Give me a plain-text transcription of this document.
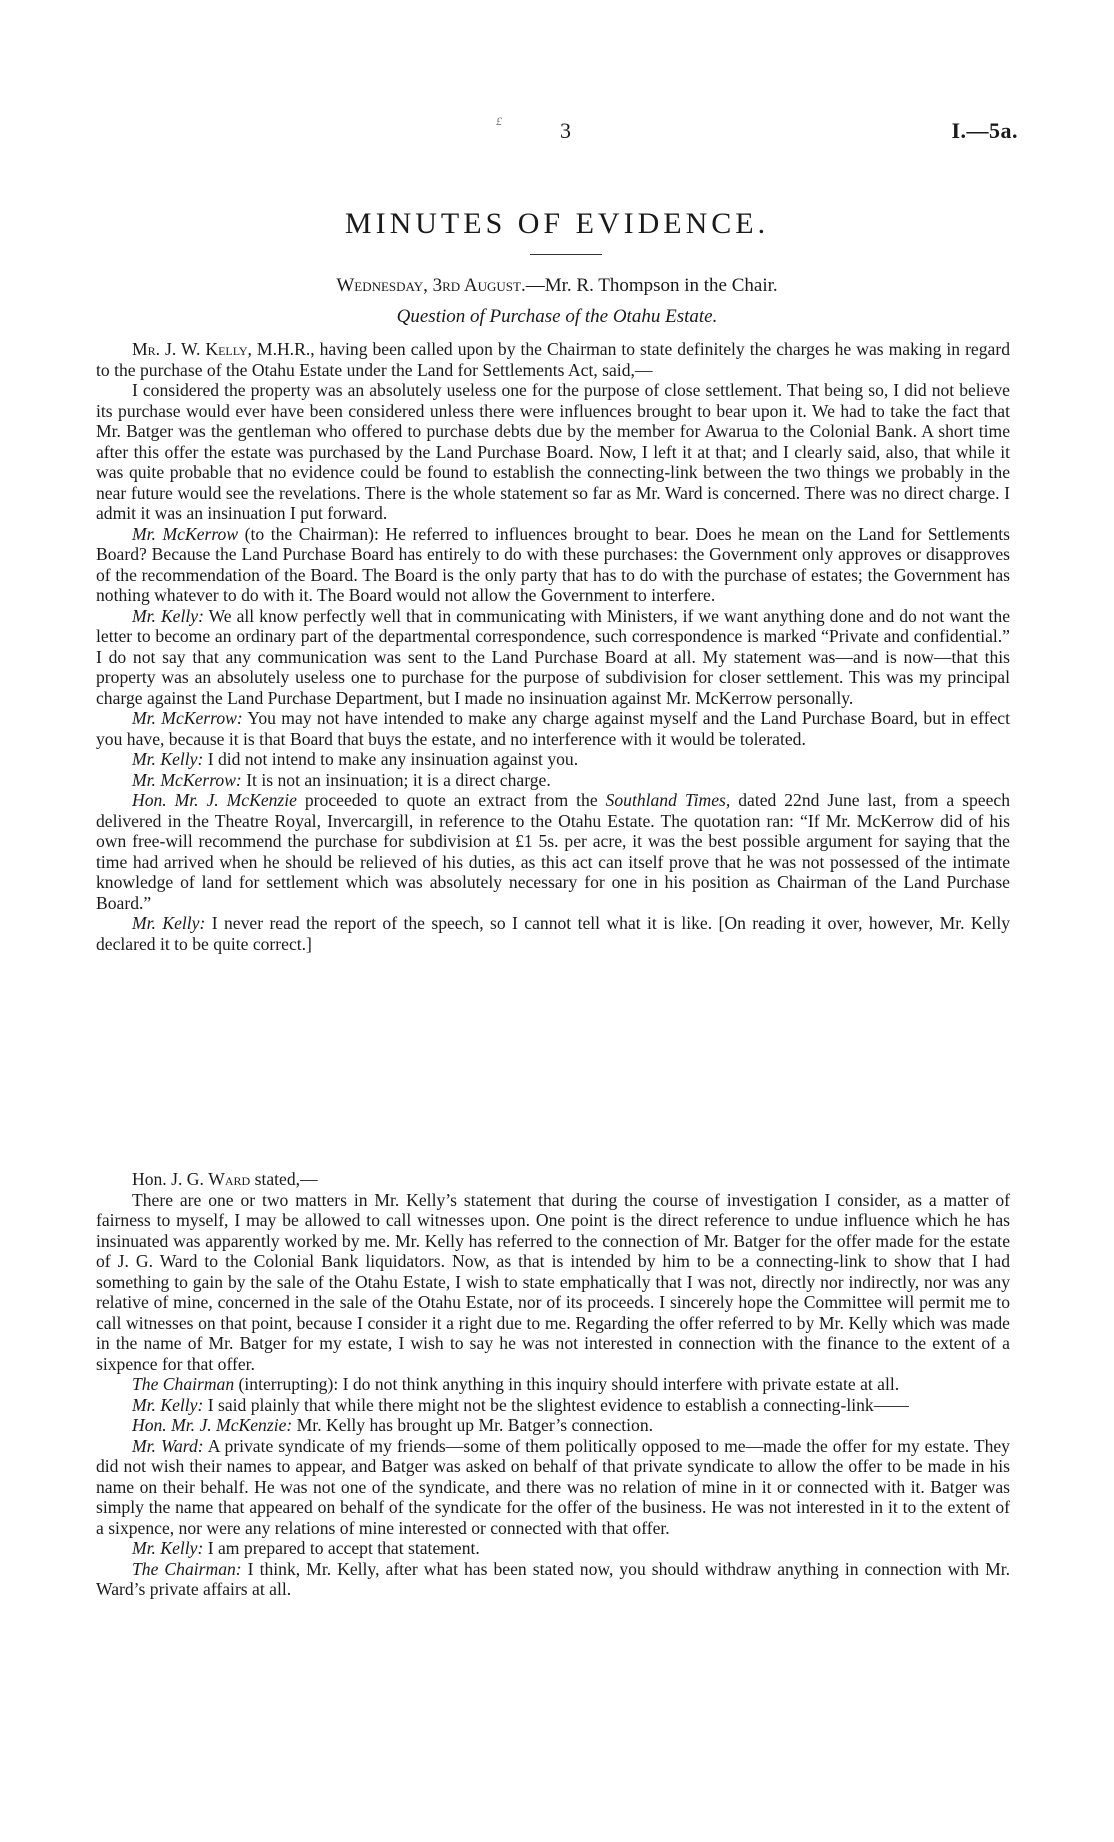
£	3	I.—5a.
MINUTES OF EVIDENCE.
Wednesday, 3rd August.—Mr. R. Thompson in the Chair.
Question of Purchase of the Otahu Estate.

Mr. J. W. Kelly, M.H.R., having been called upon by the Chairman to state definitely the charges he was making in regard to the purchase of the Otahu Estate under the Land for Settlements Act, said,—

I considered the property was an absolutely useless one for the purpose of close settlement. That being so, I did not believe its purchase would ever have been considered unless there were influences brought to bear upon it. We had to take the fact that Mr. Batger was the gentleman who offered to purchase debts due by the member for Awarua to the Colonial Bank. A short time after this offer the estate was purchased by the Land Purchase Board. Now, I left it at that; and I clearly said, also, that while it was quite probable that no evidence could be found to establish the connecting-link between the two things we probably in the near future would see the revelations. There is the whole statement so far as Mr. Ward is concerned. There was no direct charge. I admit it was an insinuation I put forward.

Mr. McKerrow (to the Chairman): He referred to influences brought to bear. Does he mean on the Land for Settlements Board? Because the Land Purchase Board has entirely to do with these purchases: the Government only approves or disapproves of the recommendation of the Board. The Board is the only party that has to do with the purchase of estates; the Government has nothing whatever to do with it. The Board would not allow the Government to interfere.

Mr. Kelly: We all know perfectly well that in communicating with Ministers, if we want anything done and do not want the letter to become an ordinary part of the departmental correspondence, such correspondence is marked “Private and confidential.” I do not say that any communication was sent to the Land Purchase Board at all. My statement was—and is now—that this property was an absolutely useless one to purchase for the purpose of subdivision for closer settlement. This was my principal charge against the Land Purchase Department, but I made no insinuation against Mr. McKerrow personally.

Mr. McKerrow: You may not have intended to make any charge against myself and the Land Purchase Board, but in effect you have, because it is that Board that buys the estate, and no interference with it would be tolerated.

Mr. Kelly: I did not intend to make any insinuation against you.

Mr. McKerrow: It is not an insinuation; it is a direct charge.

Hon. Mr. J. McKenzie proceeded to quote an extract from the Southland Times, dated 22nd June last, from a speech delivered in the Theatre Royal, Invercargill, in reference to the Otahu Estate. The quotation ran: “If Mr. McKerrow did of his own free-will recommend the purchase for subdivision at £1 5s. per acre, it was the best possible argument for saying that the time had arrived when he should be relieved of his duties, as this act can itself prove that he was not possessed of the intimate knowledge of land for settlement which was absolutely necessary for one in his position as Chairman of the Land Purchase Board.”

Mr. Kelly: I never read the report of the speech, so I cannot tell what it is like. [On reading it over, however, Mr. Kelly declared it to be quite correct.]

Hon. J. G. Ward stated,—

There are one or two matters in Mr. Kelly’s statement that during the course of investigation I consider, as a matter of fairness to myself, I may be allowed to call witnesses upon. One point is the direct reference to undue influence which he has insinuated was apparently worked by me. Mr. Kelly has referred to the connection of Mr. Batger for the offer made for the estate of J. G. Ward to the Colonial Bank liquidators. Now, as that is intended by him to be a connecting-link to show that I had something to gain by the sale of the Otahu Estate, I wish to state emphatically that I was not, directly nor indirectly, nor was any relative of mine, concerned in the sale of the Otahu Estate, nor of its proceeds. I sincerely hope the Committee will permit me to call witnesses on that point, because I consider it a right due to me. Regarding the offer referred to by Mr. Kelly which was made in the name of Mr. Batger for my estate, I wish to say he was not interested in connection with the finance to the extent of a sixpence for that offer.

The Chairman (interrupting): I do not think anything in this inquiry should interfere with private estate at all.

Mr. Kelly: I said plainly that while there might not be the slightest evidence to establish a connecting-link——

Hon. Mr. J. McKenzie: Mr. Kelly has brought up Mr. Batger’s connection.

Mr. Ward: A private syndicate of my friends—some of them politically opposed to me—made the offer for my estate. They did not wish their names to appear, and Batger was asked on behalf of that private syndicate to allow the offer to be made in his name on their behalf. He was not one of the syndicate, and there was no relation of mine in it or connected with it. Batger was simply the name that appeared on behalf of the syndicate for the offer of the business. He was not interested in it to the extent of a sixpence, nor were any relations of mine interested or connected with that offer.

Mr. Kelly: I am prepared to accept that statement.

The Chairman: I think, Mr. Kelly, after what has been stated now, you should withdraw anything in connection with Mr. Ward’s private affairs at all.
